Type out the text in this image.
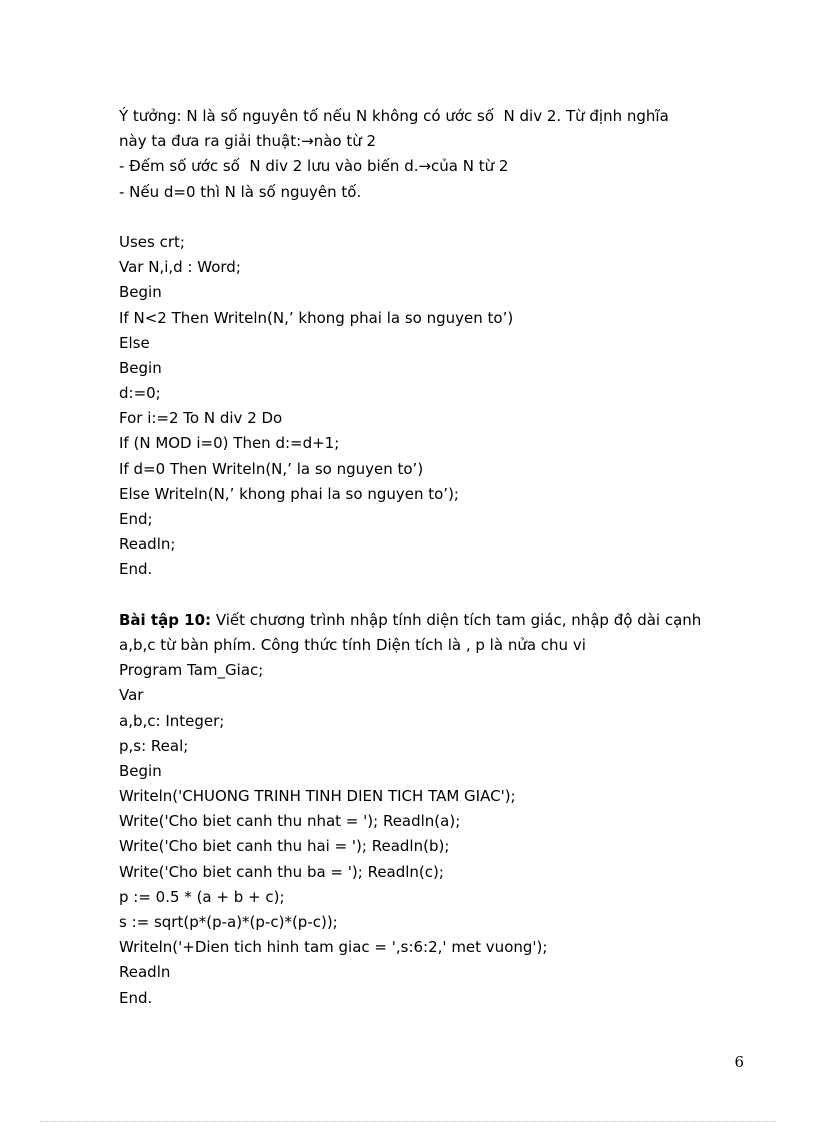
Ý tưởng: N là số nguyên tố nếu N không có ước số  N div 2. Từ định nghĩa
này ta đưa ra giải thuật:→nào từ 2
- Đếm số ước số  N div 2 lưu vào biến d.→của N từ 2
- Nếu d=0 thì N là số nguyên tố.
Uses crt;
Var N,i,d : Word;
Begin
If N<2 Then Writeln(N,’ khong phai la so nguyen to’)
Else
Begin
d:=0;
For i:=2 To N div 2 Do
If (N MOD i=0) Then d:=d+1;
If d=0 Then Writeln(N,’ la so nguyen to’)
Else Writeln(N,’ khong phai la so nguyen to’);
End;
Readln;
End.
Bài tập 10: Viết chương trình nhập tính diện tích tam giác, nhập độ dài cạnh
a,b,c từ bàn phím. Công thức tính Diện tích là , p là nửa chu vi
Program Tam_Giac;
Var
a,b,c: Integer;
p,s: Real;
Begin
Writeln('CHUONG TRINH TINH DIEN TICH TAM GIAC');
Write('Cho biet canh thu nhat = '); Readln(a);
Write('Cho biet canh thu hai = '); Readln(b);
Write('Cho biet canh thu ba = '); Readln(c);
p := 0.5 * (a + b + c);
s := sqrt(p*(p-a)*(p-c)*(p-c));
Writeln('+Dien tich hinh tam giac = ',s:6:2,' met vuong');
Readln
End.
6
